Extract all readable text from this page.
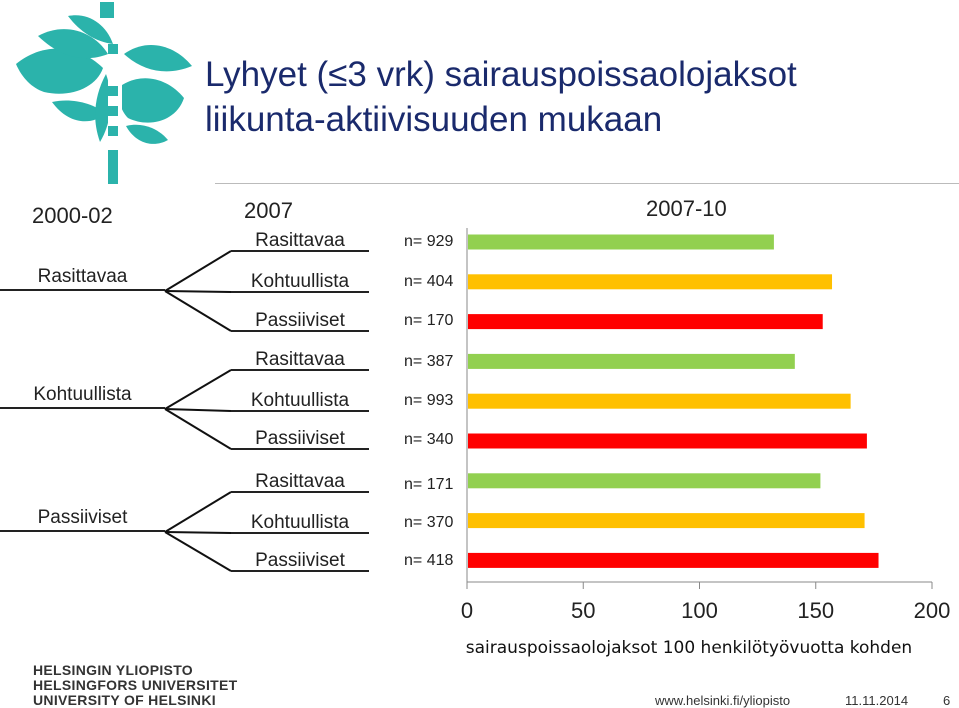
Lyhyet (≤3 vrk) sairauspoissaolojaksot
liikunta-aktiivisuuden mukaan
2000-02	2007	2007-10
Rasittavaa
Kohtuullista
Passiiviset
Rasittavaa
Kohtuullista
Passiiviset
Rasittavaa
Kohtuullista
Passiiviset
Rasittavaa
Kohtuullista
Passiiviset
n= 929
n= 404
n= 170
n= 387
n= 993
n= 340
n= 171
n= 370
n= 418
0	50	100	150	200
sairauspoissaolojaksot 100 henkilötyövuotta kohden
HELSINGIN YLIOPISTO
HELSINGFORS UNIVERSITET
UNIVERSITY OF HELSINKI	www.helsinki.fi/yliopisto	11.11.2014	6
